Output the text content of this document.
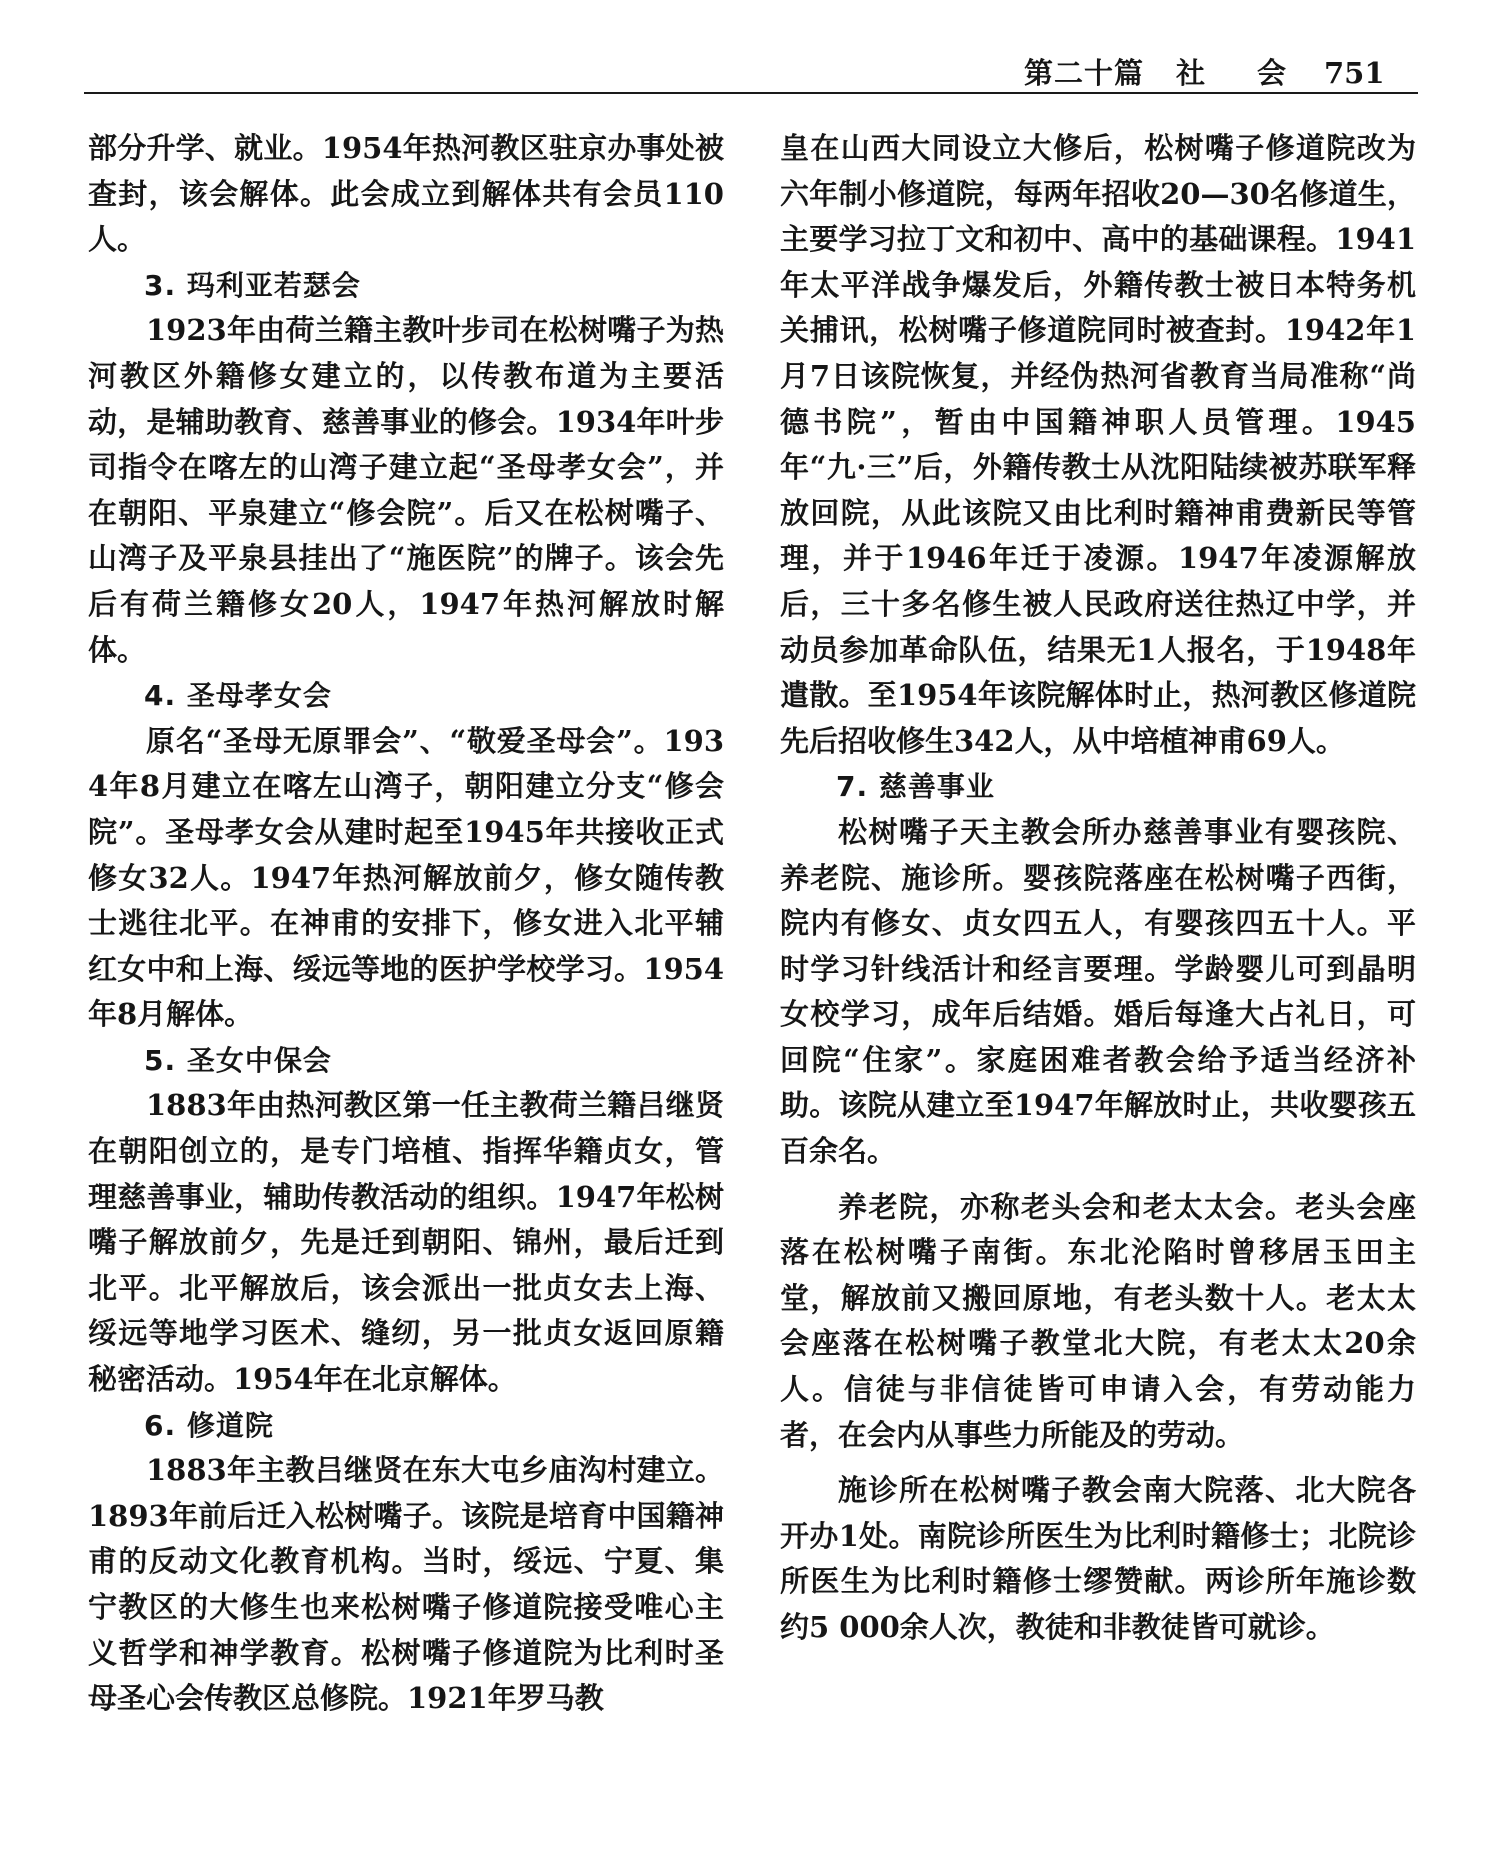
第二十篇 社会
751

部分升学、就业。1954年热河教区驻京办事处被查封，该会解体。此会成立到解体共有会员110人。

3. 玛利亚若瑟会

1923年由荷兰籍主教叶步司在松树嘴子为热河教区外籍修女建立的，以传教布道为主要活动，是辅助教育、慈善事业的修会。1934年叶步司指令在喀左的山湾子建立起“圣母孝女会”，并在朝阳、平泉建立“修会院”。后又在松树嘴子、山湾子及平泉县挂出了“施医院”的牌子。该会先后有荷兰籍修女20人，1947年热河解放时解体。

4. 圣母孝女会

原名“圣母无原罪会”、“敬爱圣母会”。1934年8月建立在喀左山湾子，朝阳建立分支“修会院”。圣母孝女会从建时起至1945年共接收正式修女32人。1947年热河解放前夕，修女随传教士逃往北平。在神甫的安排下，修女进入北平辅红女中和上海、绥远等地的医护学校学习。1954年8月解体。

5. 圣女中保会

1883年由热河教区第一任主教荷兰籍吕继贤在朝阳创立的，是专门培植、指挥华籍贞女，管理慈善事业，辅助传教活动的组织。1947年松树嘴子解放前夕，先是迁到朝阳、锦州，最后迁到北平。北平解放后，该会派出一批贞女去上海、绥远等地学习医术、缝纫，另一批贞女返回原籍秘密活动。1954年在北京解体。

6. 修道院

1883年主教吕继贤在东大屯乡庙沟村建立。1893年前后迁入松树嘴子。该院是培育中国籍神甫的反动文化教育机构。当时，绥远、宁夏、集宁教区的大修生也来松树嘴子修道院接受唯心主义哲学和神学教育。松树嘴子修道院为比利时圣母圣心会传教区总修院。1921年罗马教

皇在山西大同设立大修后，松树嘴子修道院改为六年制小修道院，每两年招收20—30名修道生，主要学习拉丁文和初中、高中的基础课程。1941年太平洋战争爆发后，外籍传教士被日本特务机关捕讯，松树嘴子修道院同时被查封。1942年1月7日该院恢复，并经伪热河省教育当局准称“尚德书院”，暂由中国籍神职人员管理。1945年“九·三”后，外籍传教士从沈阳陆续被苏联军释放回院，从此该院又由比利时籍神甫费新民等管理，并于1946年迁于凌源。1947年凌源解放后，三十多名修生被人民政府送往热辽中学，并动员参加革命队伍，结果无1人报名，于1948年遣散。至1954年该院解体时止，热河教区修道院先后招收修生342人，从中培植神甫69人。

7. 慈善事业

松树嘴子天主教会所办慈善事业有婴孩院、养老院、施诊所。婴孩院落座在松树嘴子西街，院内有修女、贞女四五人，有婴孩四五十人。平时学习针线活计和经言要理。学龄婴儿可到晶明女校学习，成年后结婚。婚后每逢大占礼日，可回院“住家”。家庭困难者教会给予适当经济补助。该院从建立至1947年解放时止，共收婴孩五百余名。

养老院，亦称老头会和老太太会。老头会座落在松树嘴子南街。东北沦陷时曾移居玉田主堂，解放前又搬回原地，有老头数十人。老太太会座落在松树嘴子教堂北大院，有老太太20余人。信徒与非信徒皆可申请入会，有劳动能力者，在会内从事些力所能及的劳动。

施诊所在松树嘴子教会南大院落、北大院各开办1处。南院诊所医生为比利时籍修士；北院诊所医生为比利时籍修士缪赞献。两诊所年施诊数约5 000余人次，教徒和非教徒皆可就诊。
